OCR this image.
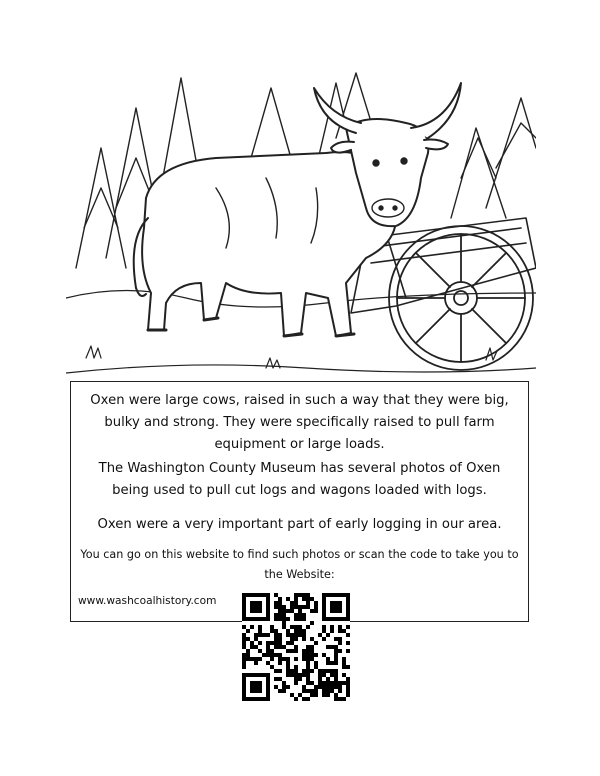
Oxen were large cows, raised in such a way that they were big, bulky and strong. They were specifically raised to pull farm equipment or large loads.

The Washington County Museum has several photos of Oxen being used to pull cut logs and wagons loaded with logs.

Oxen were a very important part of early logging in our area.

You can go on this website to find such photos or scan the code to take you to the Website:

www.washcoalhistory.com
